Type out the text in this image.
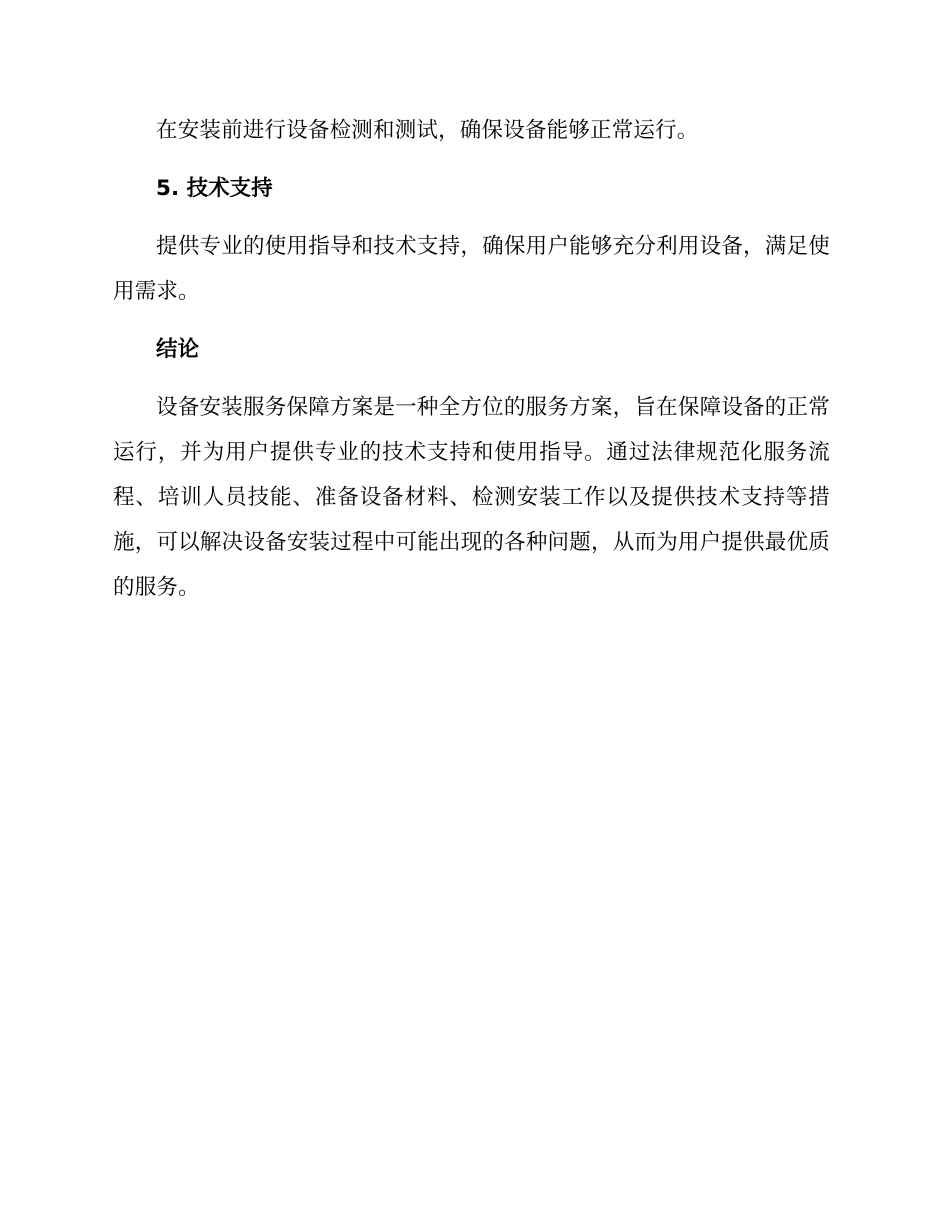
在安装前进行设备检测和测试，确保设备能够正常运行。

5. 技术支持

提供专业的使用指导和技术支持，确保用户能够充分利用设备，满足使用需求。

结论

设备安装服务保障方案是一种全方位的服务方案，旨在保障设备的正常运行，并为用户提供专业的技术支持和使用指导。通过法律规范化服务流程、培训人员技能、准备设备材料、检测安装工作以及提供技术支持等措施，可以解决设备安装过程中可能出现的各种问题，从而为用户提供最优质的服务。
